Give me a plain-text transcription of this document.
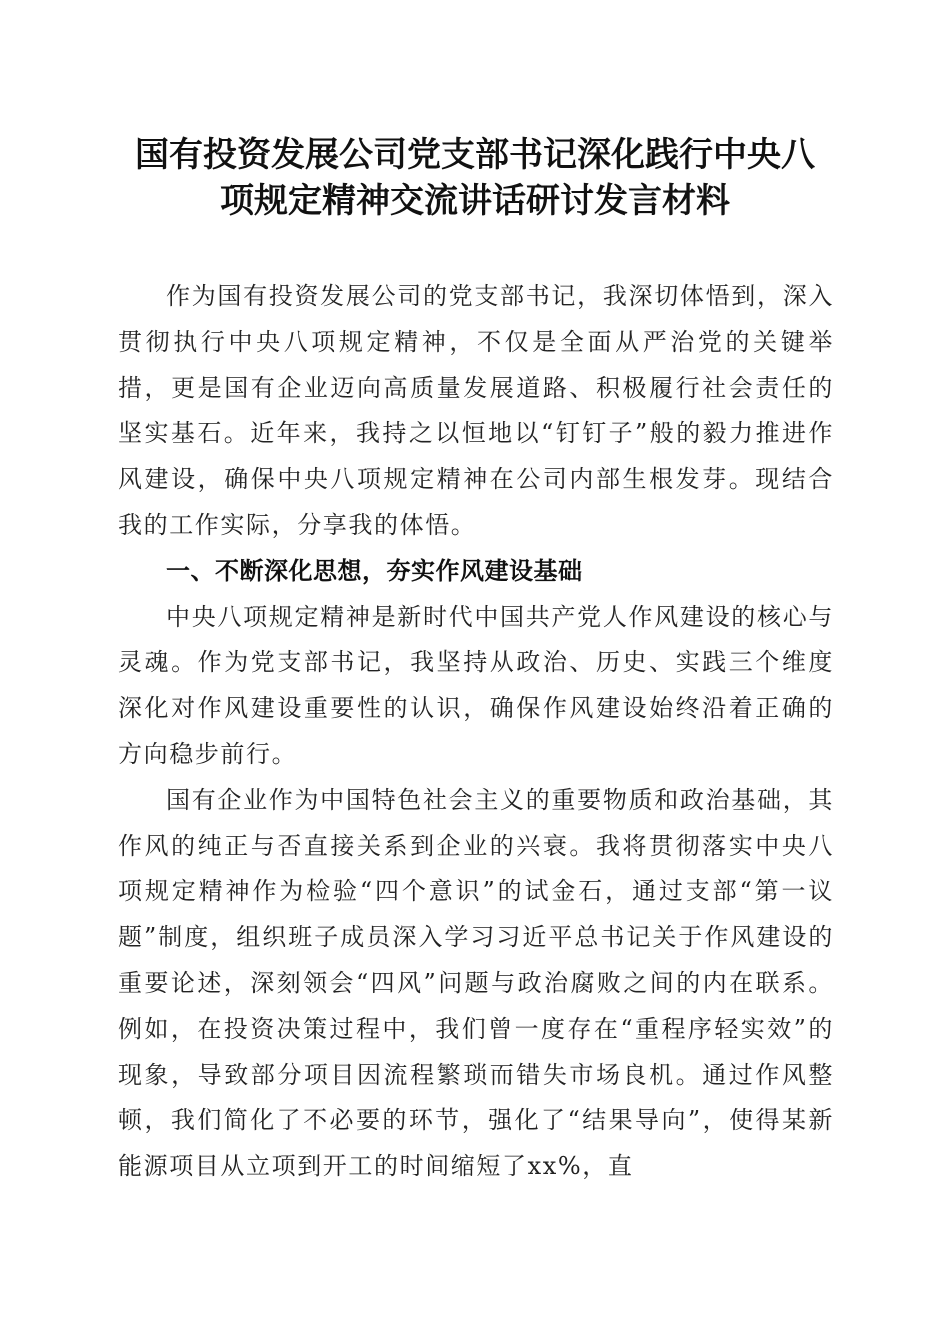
国有投资发展公司党支部书记深化践行中央八
项规定精神交流讲话研讨发言材料

作为国有投资发展公司的党支部书记，我深切体悟到，深入贯彻执行中央八项规定精神，不仅是全面从严治党的关键举措，更是国有企业迈向高质量发展道路、积极履行社会责任的坚实基石。近年来，我持之以恒地以“钉钉子”般的毅力推进作风建设，确保中央八项规定精神在公司内部生根发芽。现结合我的工作实际，分享我的体悟。

一、不断深化思想，夯实作风建设基础

中央八项规定精神是新时代中国共产党人作风建设的核心与灵魂。作为党支部书记，我坚持从政治、历史、实践三个维度深化对作风建设重要性的认识，确保作风建设始终沿着正确的方向稳步前行。

国有企业作为中国特色社会主义的重要物质和政治基础，其作风的纯正与否直接关系到企业的兴衰。我将贯彻落实中央八项规定精神作为检验“四个意识”的试金石，通过支部“第一议题”制度，组织班子成员深入学习习近平总书记关于作风建设的重要论述，深刻领会“四风”问题与政治腐败之间的内在联系。例如，在投资决策过程中，我们曾一度存在“重程序轻实效”的现象，导致部分项目因流程繁琐而错失市场良机。通过作风整顿，我们简化了不必要的环节，强化了“结果导向”，使得某新能源项目从立项到开工的时间缩短了xx%，直
